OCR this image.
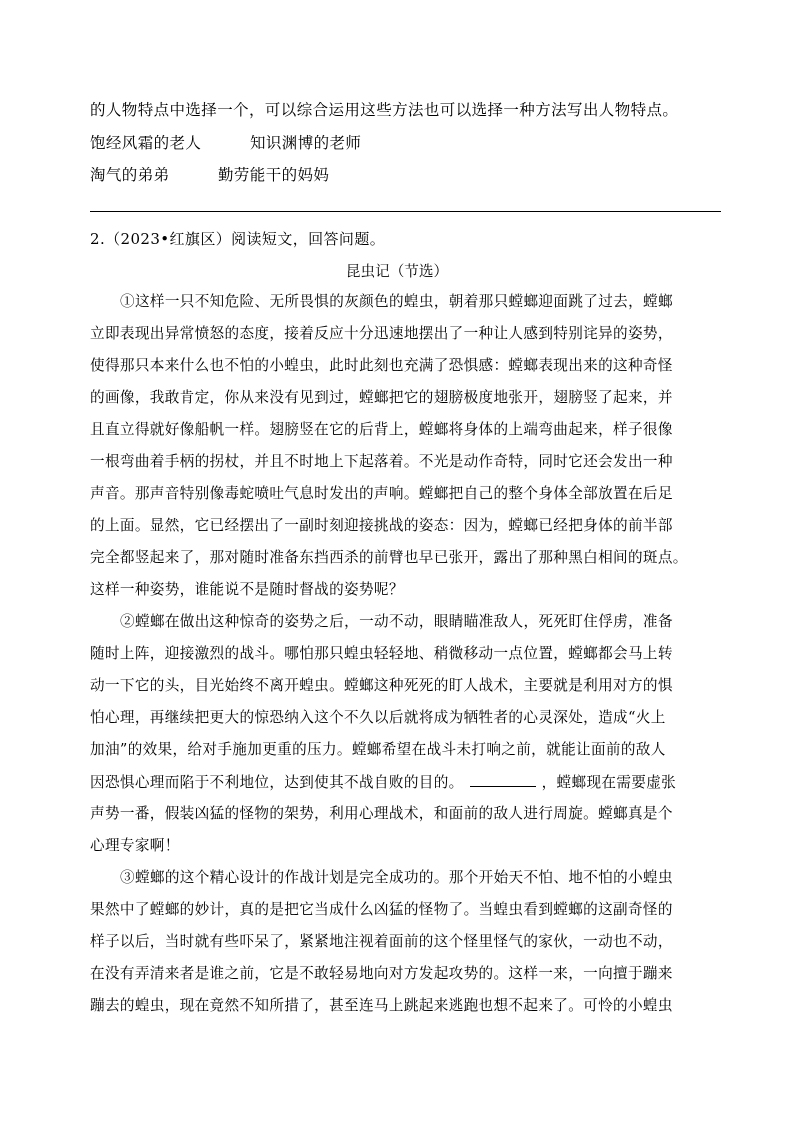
的人物特点中选择一个，可以综合运用这些方法也可以选择一种方法写出人物特点。
饱经风霜的老人	知识渊博的老师
淘气的弟弟	勤劳能干的妈妈
2.（2023•红旗区）阅读短文，回答问题。
昆虫记（节选）
①这样一只不知危险、无所畏惧的灰颜色的蝗虫，朝着那只螳螂迎面跳了过去，螳螂
立即表现出异常愤怒的态度，接着反应十分迅速地摆出了一种让人感到特别诧异的姿势，
使得那只本来什么也不怕的小蝗虫，此时此刻也充满了恐惧感：螳螂表现出来的这种奇怪
的画像，我敢肯定，你从来没有见到过，螳螂把它的翅膀极度地张开，翅膀竖了起来，并
且直立得就好像船帆一样。翅膀竖在它的后背上，螳螂将身体的上端弯曲起来，样子很像
一根弯曲着手柄的拐杖，并且不时地上下起落着。不光是动作奇特，同时它还会发出一种
声音。那声音特别像毒蛇喷吐气息时发出的声响。螳螂把自己的整个身体全部放置在后足
的上面。显然，它已经摆出了一副时刻迎接挑战的姿态：因为，螳螂已经把身体的前半部
完全都竖起来了，那对随时准备东挡西杀的前臂也早已张开，露出了那种黑白相间的斑点。
这样一种姿势，谁能说不是随时督战的姿势呢？
②螳螂在做出这种惊奇的姿势之后，一动不动，眼睛瞄准敌人，死死盯住俘虏，准备
随时上阵，迎接激烈的战斗。哪怕那只蝗虫轻轻地、稍微移动一点位置，螳螂都会马上转
动一下它的头，目光始终不离开蝗虫。螳螂这种死死的盯人战术，主要就是利用对方的惧
怕心理，再继续把更大的惊恐纳入这个不久以后就将成为牺牲者的心灵深处，造成“火上
加油”的效果，给对手施加更重的压力。螳螂希望在战斗未打响之前，就能让面前的敌人
因恐惧心理而陷于不利地位，达到使其不战自败的目的。	，螳螂现在需要虚张
声势一番，假装凶猛的怪物的架势，利用心理战术，和面前的敌人进行周旋。螳螂真是个
心理专家啊！
③螳螂的这个精心设计的作战计划是完全成功的。那个开始天不怕、地不怕的小蝗虫
果然中了螳螂的妙计，真的是把它当成什么凶猛的怪物了。当蝗虫看到螳螂的这副奇怪的
样子以后，当时就有些吓呆了，紧紧地注视着面前的这个怪里怪气的家伙，一动也不动，
在没有弄清来者是谁之前，它是不敢轻易地向对方发起攻势的。这样一来，一向擅于蹦来
蹦去的蝗虫，现在竟然不知所措了，甚至连马上跳起来逃跑也想不起来了。可怜的小蝗虫
